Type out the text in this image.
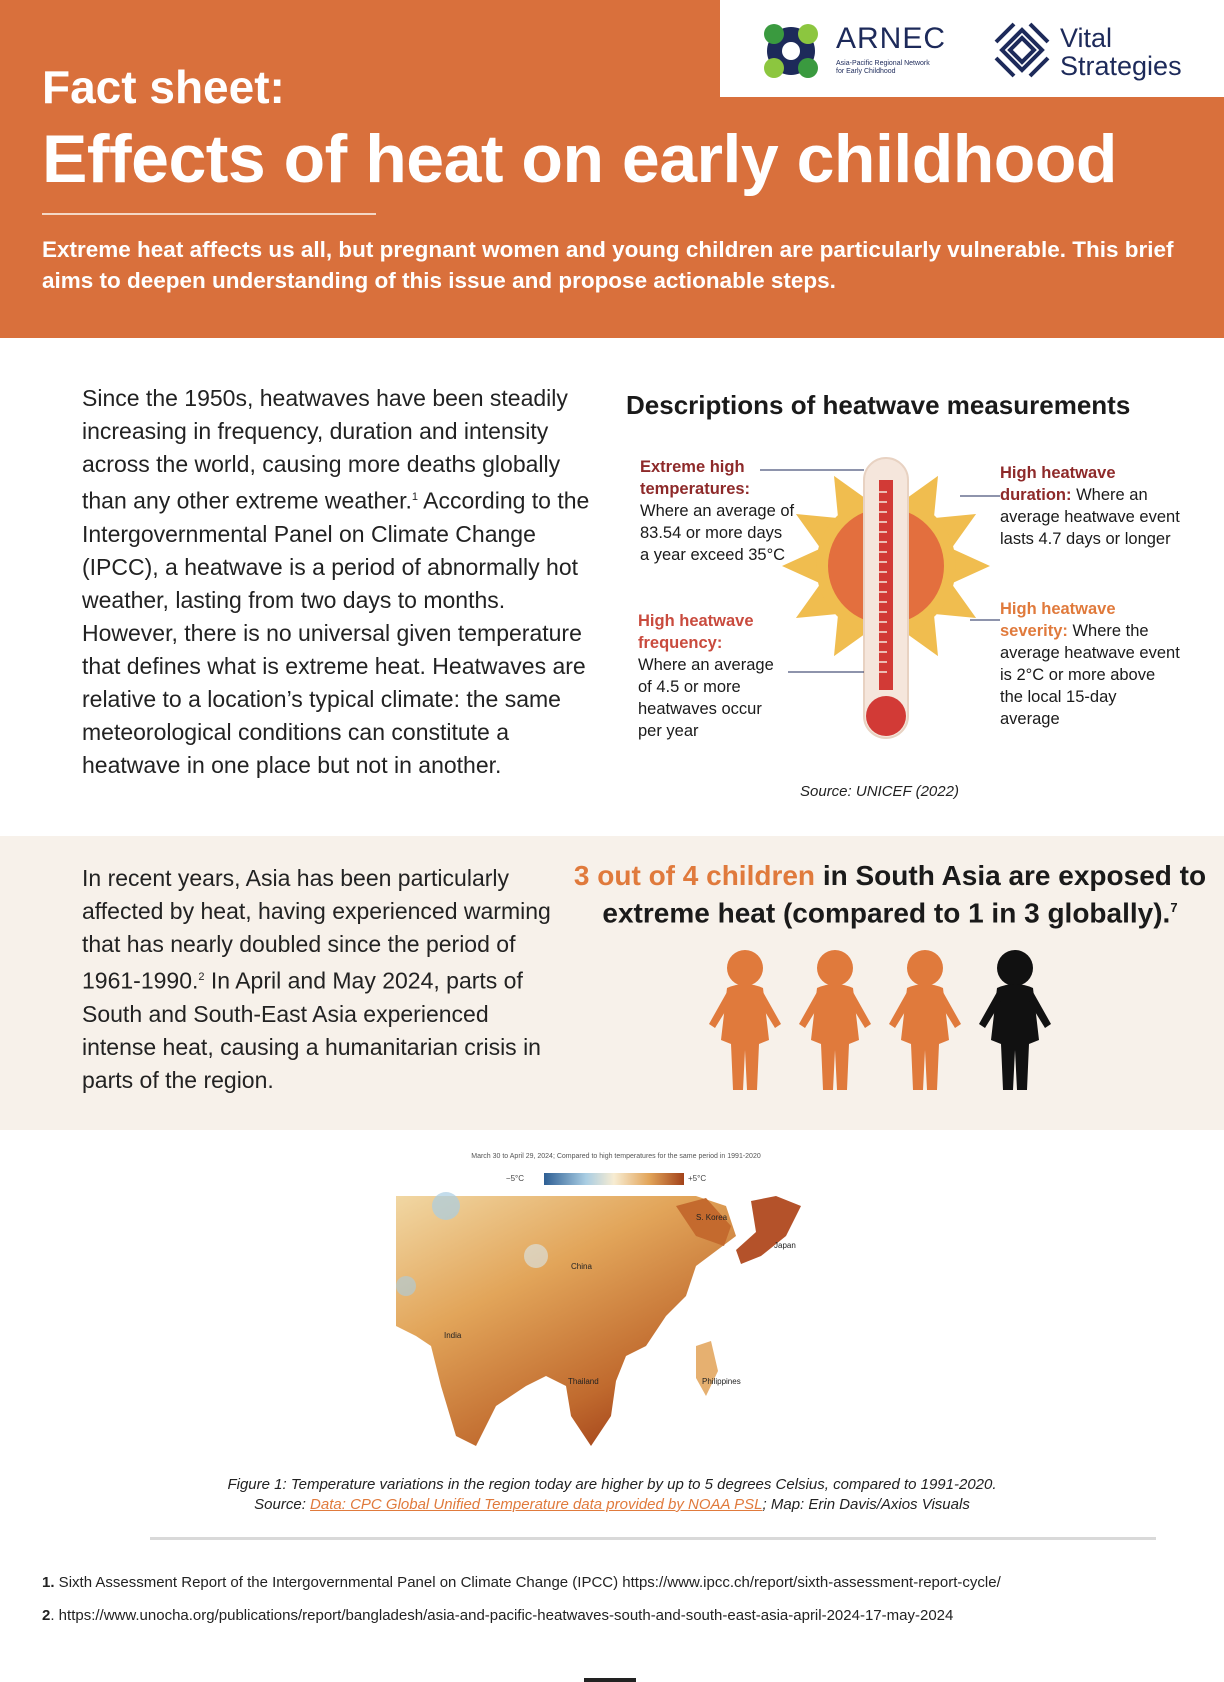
Fact sheet:
Effects of heat on early childhood
Extreme heat affects us all, but pregnant women and young children are particularly vulnerable. This brief aims to deepen understanding of this issue and propose actionable steps.
ARNEC
Asia-Pacific Regional Network
for Early Childhood
Vital
Strategies
Since the 1950s, heatwaves have been steadily increasing in frequency, duration and intensity across the world, causing more deaths globally than any other extreme weather.$^1$ According to the Intergovernmental Panel on Climate Change (IPCC), a heatwave is a period of abnormally hot weather, lasting from two days to months. However, there is no universal given temperature that defines what is extreme heat. Heatwaves are relative to a location’s typical climate: the same meteorological conditions can constitute a heatwave in one place but not in another.
Descriptions of heatwave measurements
Extreme high temperatures:
Where an average of 83.54 or more days a year exceed 35°C
High heatwave frequency:
Where an average of 4.5 or more heatwaves occur per year
High heatwave duration: Where an average heatwave event lasts 4.7 days or longer
High heatwave severity: Where the average heatwave event is 2°C or more above the local 15-day average
Source: UNICEF (2022)
In recent years, Asia has been particularly affected by heat, having experienced warming that has nearly doubled since the period of 1961-1990.$^2$ In April and May 2024, parts of South and South-East Asia experienced intense heat, causing a humanitarian crisis in parts of the region.
3 out of 4 children in South Asia are exposed to extreme heat (compared to 1 in 3 globally).$^7$
March 30 to April 29, 2024; Compared to high temperatures for the same period in 1991-2020
−5°C	+5°C
S. Korea
Japan
China
India
Thailand	Philippines
Figure 1: Temperature variations in the region today are higher by up to 5 degrees Celsius, compared to 1991-2020.
Source: Data: CPC Global Unified Temperature data provided by NOAA PSL; Map: Erin Davis/Axios Visuals
1. Sixth Assessment Report of the Intergovernmental Panel on Climate Change (IPCC) https://www.ipcc.ch/report/sixth-assessment-report-cycle/
2. https://www.unocha.org/publications/report/bangladesh/asia-and-pacific-heatwaves-south-and-south-east-asia-april-2024-17-may-2024
